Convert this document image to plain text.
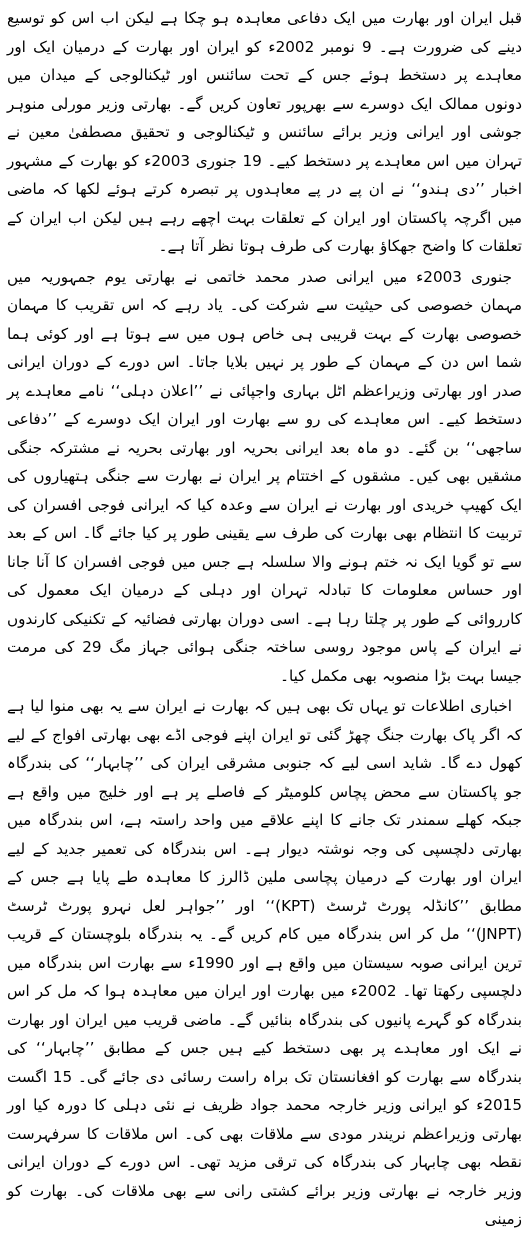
قبل ایران اور بھارت میں ایک دفاعی معاہدہ ہو چکا ہے لیکن اب اس کو توسیع دینے کی ضرورت ہے۔ 9 نومبر 2002ء کو ایران اور بھارت کے درمیان ایک اور معاہدے پر دستخط ہوئے جس کے تحت سائنس اور ٹیکنالوجی کے میدان میں دونوں ممالک ایک دوسرے سے بھرپور تعاون کریں گے۔ بھارتی وزیر مورلی منوہر جوشی اور ایرانی وزیر برائے سائنس و ٹیکنالوجی و تحقیق مصطفیٰ معین نے تہران میں اس معاہدے پر دستخط کیے۔ 19 جنوری 2003ء کو بھارت کے مشہور اخبار ’’دی ہندو‘‘ نے ان پے در پے معاہدوں پر تبصرہ کرتے ہوئے لکھا کہ ماضی میں اگرچہ پاکستان اور ایران کے تعلقات بہت اچھے رہے ہیں لیکن اب ایران کے تعلقات کا واضح جھکاؤ بھارت کی طرف ہوتا نظر آتا ہے۔

جنوری 2003ء میں ایرانی صدر محمد خاتمی نے بھارتی یوم جمہوریہ میں مہمان خصوصی کی حیثیت سے شرکت کی۔ یاد رہے کہ اس تقریب کا مہمان خصوصی بھارت کے بہت قریبی ہی خاص ہوں میں سے ہوتا ہے اور کوئی ہما شما اس دن کے مہمان کے طور پر نہیں بلایا جاتا۔ اس دورے کے دوران ایرانی صدر اور بھارتی وزیراعظم اٹل بہاری واجپائی نے ’’اعلان دہلی‘‘ نامے معاہدے پر دستخط کیے۔ اس معاہدے کی رو سے بھارت اور ایران ایک دوسرے کے ’’دفاعی ساجھی‘‘ بن گئے۔ دو ماہ بعد ایرانی بحریہ اور بھارتی بحریہ نے مشترکہ جنگی مشقیں بھی کیں۔ مشقوں کے اختتام پر ایران نے بھارت سے جنگی ہتھیاروں کی ایک کھیپ خریدی اور بھارت نے ایران سے وعدہ کیا کہ ایرانی فوجی افسران کی تربیت کا انتظام بھی بھارت کی طرف سے یقینی طور پر کیا جائے گا۔ اس کے بعد سے تو گویا ایک نہ ختم ہونے والا سلسلہ ہے جس میں فوجی افسران کا آنا جانا اور حساس معلومات کا تبادلہ تہران اور دہلی کے درمیان ایک معمول کی کارروائی کے طور پر چلتا رہا ہے۔ اسی دوران بھارتی فضائیہ کے تکنیکی کارندوں نے ایران کے پاس موجود روسی ساختہ جنگی ہوائی جہاز مگ 29 کی مرمت جیسا بہت بڑا منصوبہ بھی مکمل کیا۔

اخباری اطلاعات تو یہاں تک بھی ہیں کہ بھارت نے ایران سے یہ بھی منوا لیا ہے کہ اگر پاک بھارت جنگ چھڑ گئی تو ایران اپنے فوجی اڈے بھی بھارتی افواج کے لیے کھول دے گا۔ شاید اسی لیے کہ جنوبی مشرقی ایران کی ’’چابہار‘‘ کی بندرگاہ جو پاکستان سے محض پچاس کلومیٹر کے فاصلے پر ہے اور خلیج میں واقع ہے جبکہ کھلے سمندر تک جانے کا اپنے علاقے میں واحد راستہ ہے، اس بندرگاہ میں بھارتی دلچسپی کی وجہ نوشتہ دیوار ہے۔ اس بندرگاہ کی تعمیر جدید کے لیے ایران اور بھارت کے درمیان پچاسی ملین ڈالرز کا معاہدہ طے پایا ہے جس کے مطابق ’’کانڈلہ پورٹ ٹرسٹ (KPT)‘‘ اور ’’جواہر لعل نہرو پورٹ ٹرسٹ (JNPT)‘‘ مل کر اس بندرگاہ میں کام کریں گے۔ یہ بندرگاہ بلوچستان کے قریب ترین ایرانی صوبہ سیستان میں واقع ہے اور 1990ء سے بھارت اس بندرگاہ میں دلچسپی رکھتا تھا۔ 2002ء میں بھارت اور ایران میں معاہدہ ہوا کہ مل کر اس بندرگاہ کو گہرے پانیوں کی بندرگاہ بنائیں گے۔ ماضی قریب میں ایران اور بھارت نے ایک اور معاہدے پر بھی دستخط کیے ہیں جس کے مطابق ’’چابہار‘‘ کی بندرگاہ سے بھارت کو افغانستان تک براہ راست رسائی دی جائے گی۔ 15 اگست 2015ء کو ایرانی وزیر خارجہ محمد جواد ظریف نے نئی دہلی کا دورہ کیا اور بھارتی وزیراعظم نریندر مودی سے ملاقات بھی کی۔ اس ملاقات کا سرفہرست نقطہ بھی چابہار کی بندرگاہ کی ترقی مزید تھی۔ اس دورے کے دوران ایرانی وزیر خارجہ نے بھارتی وزیر برائے کشتی رانی سے بھی ملاقات کی۔ بھارت کو زمینی
